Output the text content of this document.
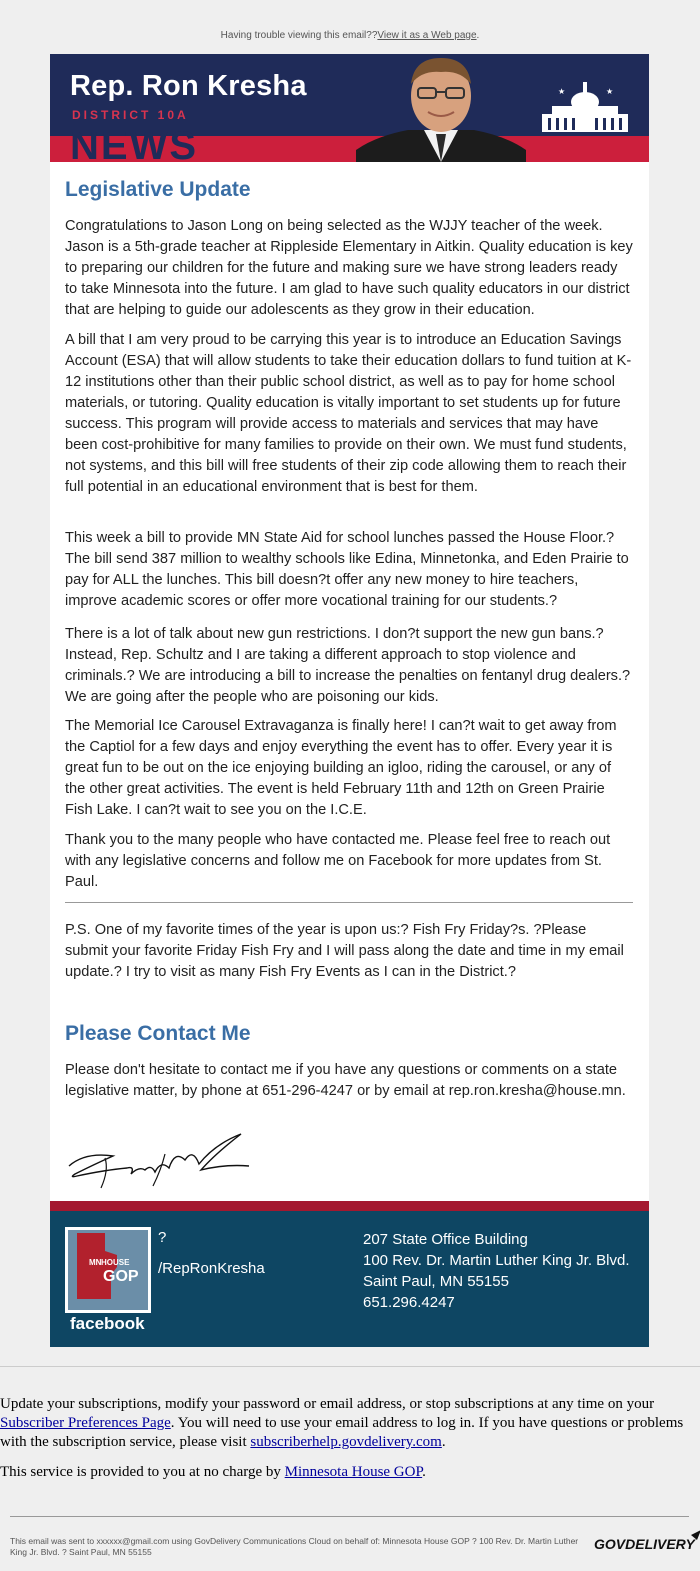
Having trouble viewing this email??View it as a Web page.
Rep. Ron Kresha
DISTRICT 10A
NEWS
★	★
Legislative Update

Congratulations to Jason Long on being selected as the WJJY teacher of the week. Jason is a 5th-grade teacher at Rippleside Elementary in Aitkin. Quality education is key to preparing our children for the future and making sure we have strong leaders ready to take Minnesota into the future. I am glad to have such quality educators in our district that are helping to guide our adolescents as they grow in their education.

A bill that I am very proud to be carrying this year is to introduce an Education Savings Account (ESA) that will allow students to take their education dollars to fund tuition at K-12 institutions other than their public school district, as well as to pay for home school materials, or tutoring. Quality education is vitally important to set students up for future success. This program will provide access to materials and services that may have been cost-prohibitive for many families to provide on their own. We must fund students, not systems, and this bill will free students of their zip code allowing them to reach their full potential in an educational environment that is best for them.

This week a bill to provide MN State Aid for school lunches passed the House Floor.? The bill send 387 million to wealthy schools like Edina, Minnetonka, and Eden Prairie to pay for ALL the lunches. This bill doesn?t offer any new money to hire teachers, improve academic scores or offer more vocational training for our students.?

There is a lot of talk about new gun restrictions. I don?t support the new gun bans.? Instead, Rep. Schultz and I are taking a different approach to stop violence and criminals.? We are introducing a bill to increase the penalties on fentanyl drug dealers.? We are going after the people who are poisoning our kids.

The Memorial Ice Carousel Extravaganza is finally here! I can?t wait to get away from the Captiol for a few days and enjoy everything the event has to offer. Every year it is great fun to be out on the ice enjoying building an igloo, riding the carousel, or any of the other great activities. The event is held February 11th and 12th on Green Prairie Fish Lake. I can?t wait to see you on the I.C.E.

Thank you to the many people who have contacted me. Please feel free to reach out with any legislative concerns and follow me on Facebook for more updates from St. Paul.

P.S. One of my favorite times of the year is upon us:? Fish Fry Friday?s. ?Please submit your favorite Friday Fish Fry and I will pass along the date and time in my email update.? I try to visit as many Fish Fry Events as I can in the District.?

Please Contact Me

Please don't hesitate to contact me if you have any questions or comments on a state legislative matter, by phone at 651-296-4247 or by email at rep.ron.kresha@house.mn.

MN HOUSE
GOP
facebook
?
/RepRonKresha
207 State Office Building
100 Rev. Dr. Martin Luther King Jr. Blvd.
Saint Paul, MN 55155
651.296.4247
Update your subscriptions, modify your password or email address, or stop subscriptions at any time on your Subscriber Preferences Page. You will need to use your email address to log in. If you have questions or problems with the subscription service, please visit subscriberhelp.govdelivery.com.
This service is provided to you at no charge by Minnesota House GOP.
This email was sent to xxxxxx@gmail.com using GovDelivery Communications Cloud on behalf of: Minnesota House GOP ? 100 Rev. Dr. Martin Luther King Jr. Blvd. ? Saint Paul, MN 55155	GOVDELIVERY
